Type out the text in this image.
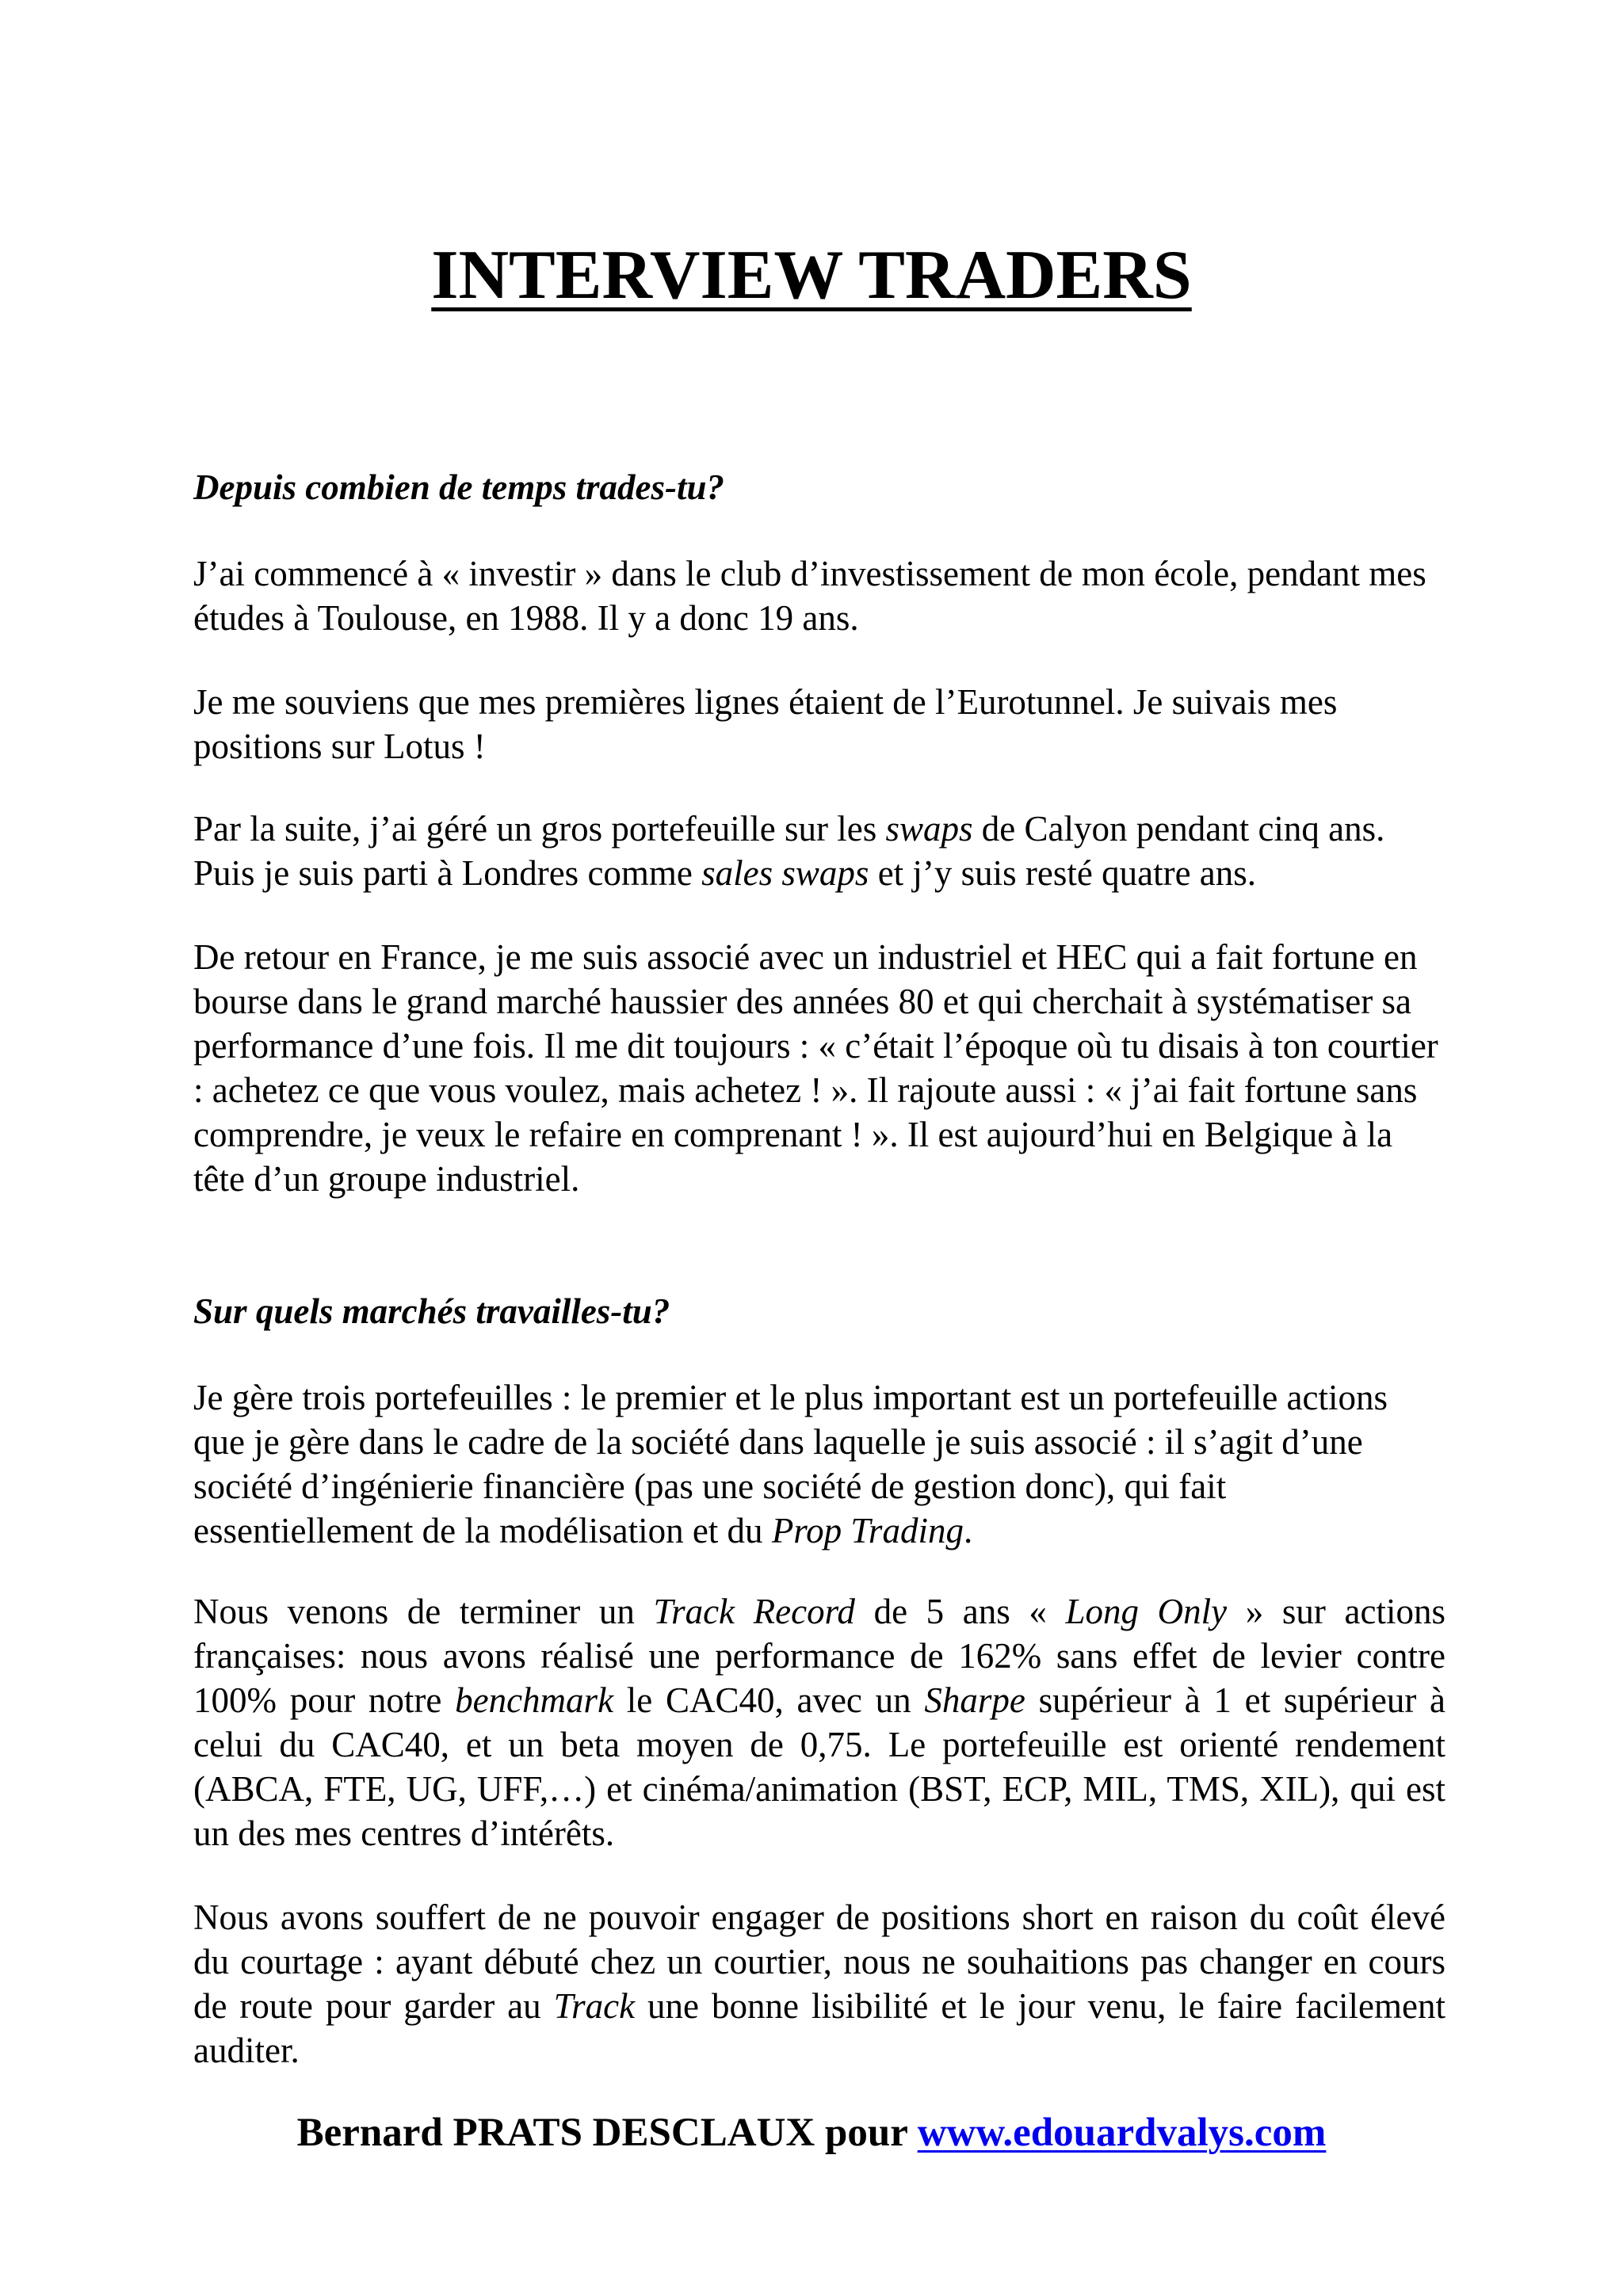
INTERVIEW TRADERS

Depuis combien de temps trades-tu?

J’ai commencé à « investir » dans le club d’investissement de mon école, pendant mes études à Toulouse, en 1988. Il y a donc 19 ans.

Je me souviens que mes premières lignes étaient de l’Eurotunnel. Je suivais mes positions sur Lotus !

Par la suite, j’ai géré un gros portefeuille sur les swaps de Calyon pendant cinq ans. Puis je suis parti à Londres comme sales swaps et j’y suis resté quatre ans.

De retour en France, je me suis associé avec un industriel et HEC qui a fait fortune en bourse dans le grand marché haussier des années 80 et qui cherchait à systématiser sa performance d’une fois. Il me dit toujours : « c’était l’époque où tu disais à ton courtier : achetez ce que vous voulez, mais achetez ! ». Il rajoute aussi : « j’ai fait fortune sans comprendre, je veux le refaire en comprenant ! ». Il est aujourd’hui en Belgique à la tête d’un groupe industriel.

Sur quels marchés travailles-tu?

Je gère trois portefeuilles : le premier et le plus important est un portefeuille actions que je gère dans le cadre de la société dans laquelle je suis associé : il s’agit d’une société d’ingénierie financière (pas une société de gestion donc), qui fait essentiellement de la modélisation et du Prop Trading.

Nous venons de terminer un Track Record de 5 ans « Long Only » sur actions françaises: nous avons réalisé une performance de 162% sans effet de levier contre 100% pour notre benchmark le CAC40, avec un Sharpe supérieur à 1 et supérieur à celui du CAC40, et un beta moyen de 0,75. Le portefeuille est orienté rendement (ABCA, FTE, UG, UFF,…) et cinéma/animation (BST, ECP, MIL, TMS, XIL), qui est un des mes centres d’intérêts.

Nous avons souffert de ne pouvoir engager de positions short en raison du coût élevé du courtage : ayant débuté chez un courtier, nous ne souhaitions pas changer en cours de route pour garder au Track une bonne lisibilité et le jour venu, le faire facilement auditer.

Bernard PRATS DESCLAUX pour www.edouardvalys.com
